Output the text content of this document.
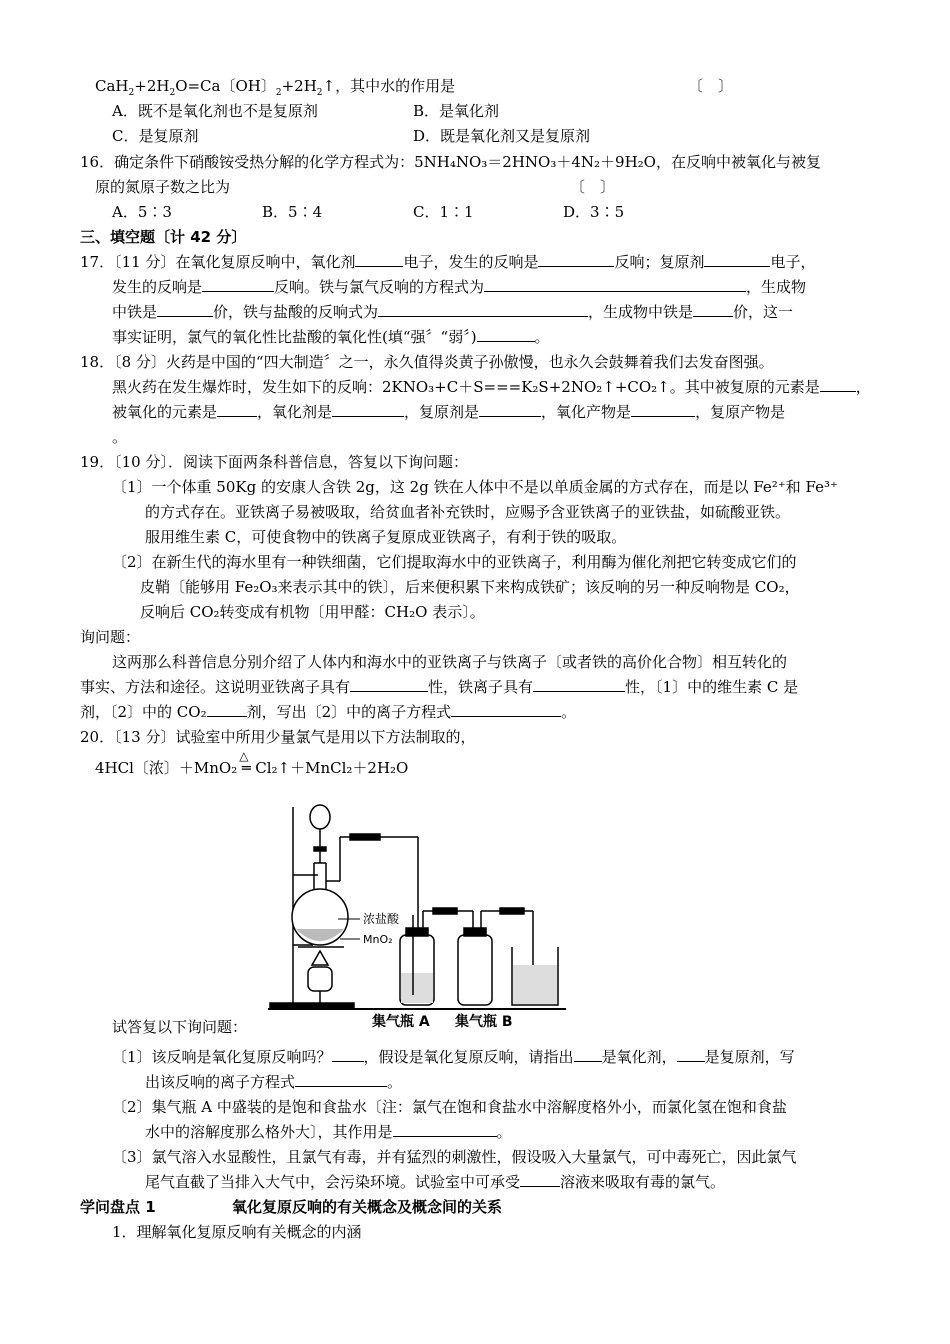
$CaH_2+2H_2O=Ca$〔OH〕$_2+2H_2↑$，其中水的作用是	〔　〕
A．既不是氧化剂也不是复原剂	B．是氧化剂
C．是复原剂	D．既是氧化剂又是复原剂
16．确定条件下硝酸铵受热分解的化学方程式为：5NH₄NO₃＝2HNO₃＋4N₂＋9H₂O，在反响中被氧化与被复
原的氮原子数之比为	〔　〕
A．5∶3	B．5∶4	C．1∶1	D．3∶5
三、填空题〔计 42 分〕
17．〔11 分〕在氧化复原反响中，氧化剂	电子，发生的反响是	反响；复原剂	电子，
发生的反响是	反响。铁与氯气反响的方程式为	，生成物
中铁是	价，铁与盐酸的反响式为	，生成物中铁是	价，这一
事实证明，氯气的氧化性比盐酸的氧化性(填“强〞“弱〞)	。
18．〔8 分〕火药是中国的“四大制造〞之一，永久值得炎黄子孙傲慢，也永久会鼓舞着我们去发奋图强。
黑火药在发生爆炸时，发生如下的反响：2KNO₃+C＋S===K₂S+2NO₂↑+CO₂↑。其中被复原的元素是 ，
被氧化的元素是	，氧化剂是	，复原剂是	，氧化产物是	，复原产物是
。
19．〔10 分〕．阅读下面两条科普信息，答复以下询问题：
〔1〕一个体重 50Kg 的安康人含铁 2g，这 2g 铁在人体中不是以单质金属的方式存在，而是以 Fe²⁺和 Fe³⁺
的方式存在。亚铁离子易被吸取，给贫血者补充铁时，应赐予含亚铁离子的亚铁盐，如硫酸亚铁。
服用维生素 C，可使食物中的铁离子复原成亚铁离子，有利于铁的吸取。
〔2〕在新生代的海水里有一种铁细菌，它们提取海水中的亚铁离子，利用酶为催化剂把它转变成它们的
皮鞘〔能够用 Fe₂O₃来表示其中的铁〕，后来便积累下来构成铁矿；该反响的另一种反响物是 CO₂，
反响后 CO₂转变成有机物〔用甲醛：CH₂O 表示〕。
询问题：
这两那么科普信息分别介绍了人体内和海水中的亚铁离子与铁离子〔或者铁的高价化合物〕相互转化的
事实、方法和途径。这说明亚铁离子具有	性，铁离子具有	性，〔1〕中的维生素 C 是
剂，〔2〕中的 CO₂	剂，写出〔2〕中的离子方程式	。
20．〔13 分〕试验室中所用少量氯气是用以下方法制取的，
4HCl〔浓〕＋MnO₂
△
═ Cl₂↑＋MnCl₂＋2H₂O
浓盐酸
MnO₂
集气瓶 A 集气瓶 B
试答复以下询问题：
〔1〕该反响是氧化复原反响吗？ ，假设是氧化复原反响，请指出 是氧化剂， 是复原剂，写
出该反响的离子方程式	。
〔2〕集气瓶 A 中盛装的是饱和食盐水〔注：氯气在饱和食盐水中溶解度格外小，而氯化氢在饱和食盐
水中的溶解度那么格外大〕，其作用是	。
〔3〕氯气溶入水显酸性，且氯气有毒，并有猛烈的刺激性，假设吸入大量氯气，可中毒死亡，因此氯气
尾气直截了当排入大气中，会污染环境。试验室中可承受	溶液来吸取有毒的氯气。
学问盘点 1	氧化复原反响的有关概念及概念间的关系
1．理解氧化复原反响有关概念的内涵
